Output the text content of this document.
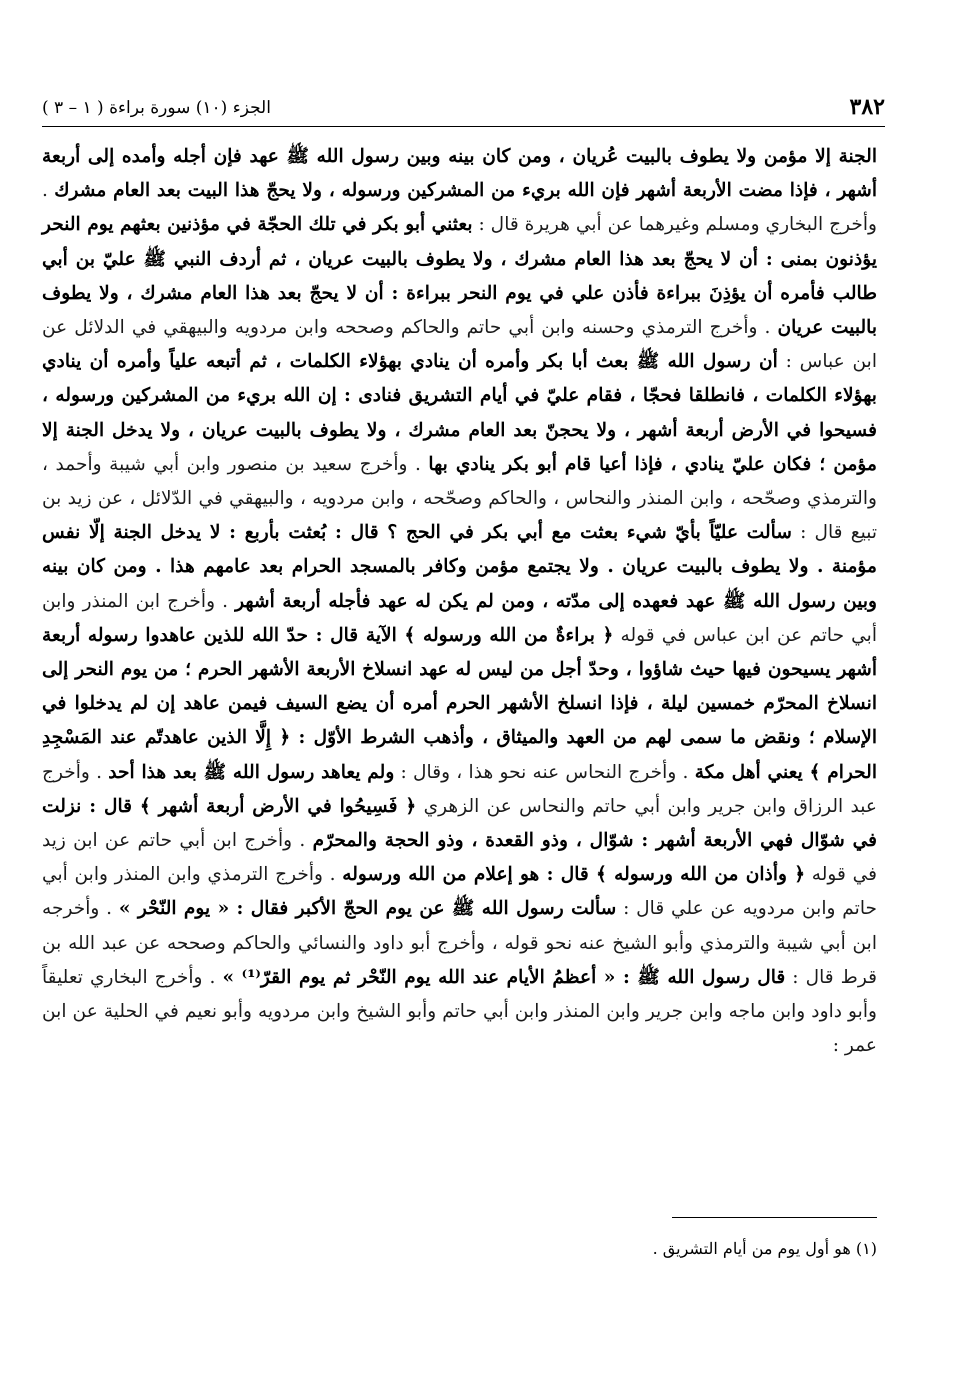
٣٨٢
الجزء (١٠) سورة براءة ( ١ – ٣ )

الجنة إلا مؤمن ولا يطوف بالبيت عُريان ، ومن كان بينه وبين رسول الله ﷺ عهد فإن أجله وأمده إلى أربعة أشهر ، فإذا مضت الأربعة أشهر فإن الله بريء من المشركين ورسوله ، ولا يحجّ هذا البيت بعد العام مشرك . وأخرج البخاري ومسلم وغيرهما عن أبي هريرة قال : بعثني أبو بكر في تلك الحجّة في مؤذنين بعثهم يوم النحر يؤذنون بمنى : أن لا يحجّ بعد هذا العام مشرك ، ولا يطوف بالبيت عريان ، ثم أردف النبي ﷺ عليّ بن أبي طالب فأمره أن يؤذِنَ ببراءة فأذن علي في يوم النحر ببراءة : أن لا يحجّ بعد هذا العام مشرك ، ولا يطوف بالبيت عريان . وأخرج الترمذي وحسنه وابن أبي حاتم والحاكم وصححه وابن مردويه والبيهقي في الدلائل عن ابن عباس : أن رسول الله ﷺ بعث أبا بكر وأمره أن ينادي بهؤلاء الكلمات ، ثم أتبعه علياً وأمره أن ينادي بهؤلاء الكلمات ، فانطلقا فحجّا ، فقام عليّ في أيام التشريق فنادى : إن الله بريء من المشركين ورسوله ، فسيحوا في الأرض أربعة أشهر ، ولا يحجنّ بعد العام مشرك ، ولا يطوف بالبيت عريان ، ولا يدخل الجنة إلا مؤمن ؛ فكان عليّ ينادي ، فإذا أعيا قام أبو بكر ينادي بها . وأخرج سعيد بن منصور وابن أبي شيبة وأحمد ، والترمذي وصحّحه ، وابن المنذر والنحاس ، والحاكم وصحّحه ، وابن مردويه ، والبيهقي في الدّلائل ، عن زيد بن تبيع قال : سألت عليّاً بأيّ شيء بعثت مع أبي بكر في الحج ؟ قال : بُعثت بأربع : لا يدخل الجنة إلّا نفس مؤمنة . ولا يطوف بالبيت عريان . ولا يجتمع مؤمن وكافر بالمسجد الحرام بعد عامهم هذا . ومن كان بينه وبين رسول الله ﷺ عهد فعهده إلى مدّته ، ومن لم يكن له عهد فأجله أربعة أشهر . وأخرج ابن المنذر وابن أبي حاتم عن ابن عباس في قوله ﴿ براءةٌ من الله ورسوله ﴾ الآية قال : حدّ الله للذين عاهدوا رسوله أربعة أشهر يسيحون فيها حيث شاؤوا ، وحدّ أجل من ليس له عهد انسلاخ الأربعة الأشهر الحرم ؛ من يوم النحر إلى انسلاخ المحرّم خمسين ليلة ، فإذا انسلخ الأشهر الحرم أمره أن يضع السيف فيمن عاهد إن لم يدخلوا في الإسلام ؛ ونقض ما سمى لهم من العهد والميثاق ، وأذهب الشرط الأوّل : ﴿ إِلَّا الذين عاهدتّم عند المَسْجِدِ الحرام ﴾ يعني أهل مكة . وأخرج النحاس عنه نحو هذا ، وقال : ولم يعاهد رسول الله ﷺ بعد هذا أحد . وأخرج عبد الرزاق وابن جرير وابن أبي حاتم والنحاس عن الزهري ﴿ فَسِيحُوا في الأرض أربعة أشهر ﴾ قال : نزلت في شوّال فهي الأربعة أشهر : شوّال ، وذو القعدة ، وذو الحجة والمحرّم . وأخرج ابن أبي حاتم عن ابن زيد في قوله ﴿ وأذان من الله ورسوله ﴾ قال : هو إعلام من الله ورسوله . وأخرج الترمذي وابن المنذر وابن أبي حاتم وابن مردويه عن علي قال : سألت رسول الله ﷺ عن يوم الحجّ الأكبر فقال : « يوم النّحْر » . وأخرجه ابن أبي شيبة والترمذي وأبو الشيخ عنه نحو قوله ، وأخرج أبو داود والنسائي والحاكم وصححه عن عبد الله بن قرط قال : قال رسول الله ﷺ : « أعظمُ الأيام عند الله يوم النّحْر ثم يوم القرّ⁽¹⁾ » . وأخرج البخاري تعليقاً وأبو داود وابن ماجه وابن جرير وابن المنذر وابن أبي حاتم وأبو الشيخ وابن مردويه وأبو نعيم في الحلية عن ابن عمر :

(١) هو أول يوم من أيام التشريق .
